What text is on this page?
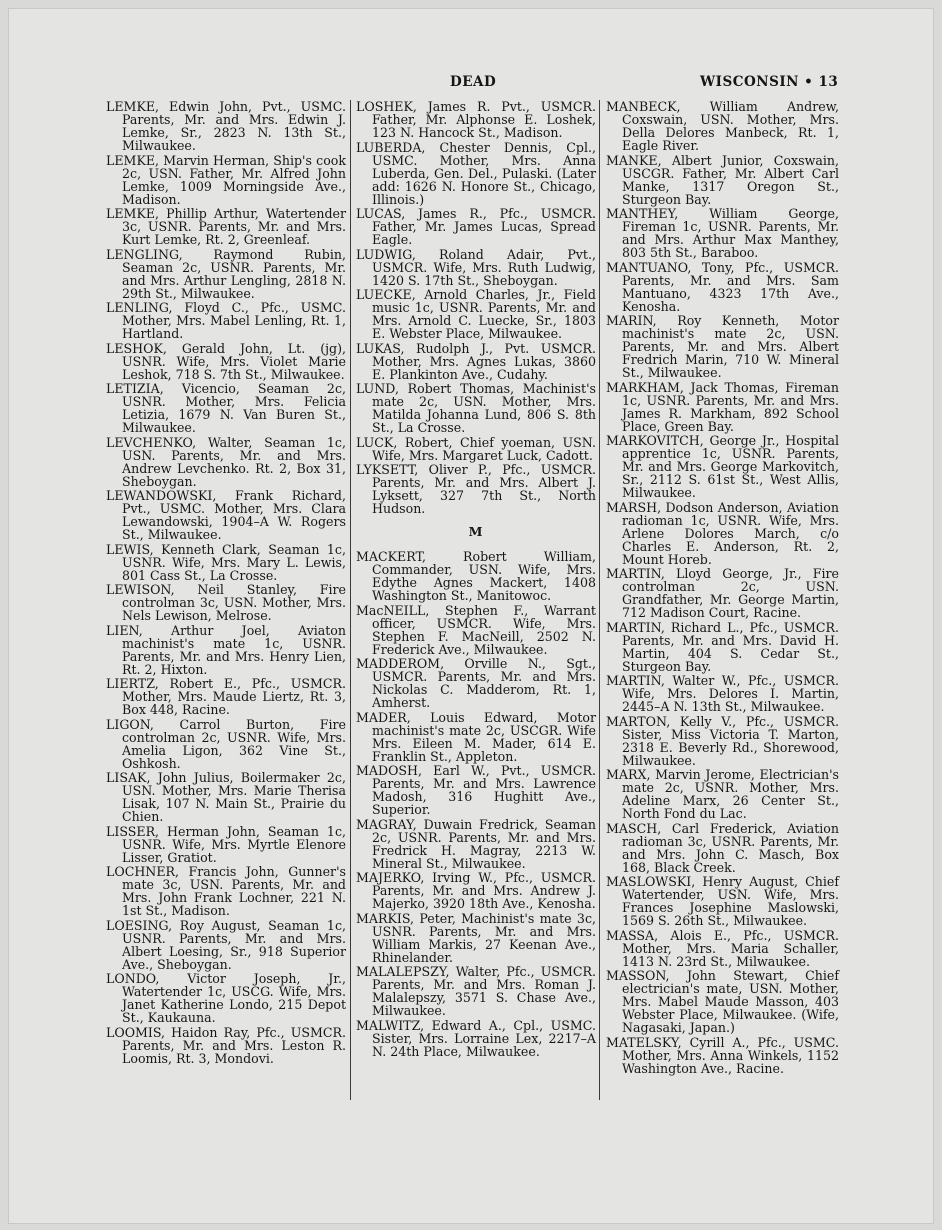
DEAD	WISCONSIN • 13
LEMKE, Edwin John, Pvt., USMC. Parents, Mr. and Mrs. Edwin J. Lemke, Sr., 2823 N. 13th St., Milwaukee.
LEMKE, Marvin Herman, Ship's cook 2c, USN. Father, Mr. Alfred John Lemke, 1009 Morningside Ave., Madison.
LEMKE, Phillip Arthur, Watertender 3c, USNR. Parents, Mr. and Mrs. Kurt Lemke, Rt. 2, Greenleaf.
LENGLING, Raymond Rubin, Seaman 2c, USNR. Parents, Mr. and Mrs. Arthur Lengling, 2818 N. 29th St., Milwaukee.
LENLING, Floyd C., Pfc., USMC. Mother, Mrs. Mabel Lenling, Rt. 1, Hartland.
LESHOK, Gerald John, Lt. (jg), USNR. Wife, Mrs. Violet Marie Leshok, 718 S. 7th St., Milwaukee.
LETIZIA, Vicencio, Seaman 2c, USNR. Mother, Mrs. Felicia Letizia, 1679 N. Van Buren St., Milwaukee.
LEVCHENKO, Walter, Seaman 1c, USN. Parents, Mr. and Mrs. Andrew Levchenko. Rt. 2, Box 31, Sheboygan.
LEWANDOWSKI, Frank Richard, Pvt., USMC. Mother, Mrs. Clara Lewandowski, 1904–A W. Rogers St., Milwaukee.
LEWIS, Kenneth Clark, Seaman 1c, USNR. Wife, Mrs. Mary L. Lewis, 801 Cass St., La Crosse.
LEWISON, Neil Stanley, Fire controlman 3c, USN. Mother, Mrs. Nels Lewison, Melrose.
LIEN, Arthur Joel, Aviaton machinist's mate 1c, USNR. Parents, Mr. and Mrs. Henry Lien, Rt. 2, Hixton.
LIERTZ, Robert E., Pfc., USMCR. Mother, Mrs. Maude Liertz, Rt. 3, Box 448, Racine.
LIGON, Carrol Burton, Fire controlman 2c, USNR. Wife, Mrs. Amelia Ligon, 362 Vine St., Oshkosh.
LISAK, John Julius, Boilermaker 2c, USN. Mother, Mrs. Marie Therisa Lisak, 107 N. Main St., Prairie du Chien.
LISSER, Herman John, Seaman 1c, USNR. Wife, Mrs. Myrtle Elenore Lisser, Gratiot.
LOCHNER, Francis John, Gunner's mate 3c, USN. Parents, Mr. and Mrs. John Frank Lochner, 221 N. 1st St., Madison.
LOESING, Roy August, Seaman 1c, USNR. Parents, Mr. and Mrs. Albert Loesing, Sr., 918 Superior Ave., Sheboygan.
LONDO, Victor Joseph, Jr., Watertender 1c, USCG. Wife, Mrs. Janet Katherine Londo, 215 Depot St., Kaukauna.
LOOMIS, Haidon Ray, Pfc., USMCR. Parents, Mr. and Mrs. Leston R. Loomis, Rt. 3, Mondovi.
LOSHEK, James R. Pvt., USMCR. Father, Mr. Alphonse E. Loshek, 123 N. Hancock St., Madison.
LUBERDA, Chester Dennis, Cpl., USMC. Mother, Mrs. Anna Luberda, Gen. Del., Pulaski. (Later add: 1626 N. Honore St., Chicago, Illinois.)
LUCAS, James R., Pfc., USMCR. Father, Mr. James Lucas, Spread Eagle.
LUDWIG, Roland Adair, Pvt., USMCR. Wife, Mrs. Ruth Ludwig, 1420 S. 17th St., Sheboygan.
LUECKE, Arnold Charles, Jr., Field music 1c, USNR. Parents, Mr. and Mrs. Arnold C. Luecke, Sr., 1803 E. Webster Place, Milwaukee.
LUKAS, Rudolph J., Pvt. USMCR. Mother, Mrs. Agnes Lukas, 3860 E. Plankinton Ave., Cudahy.
LUND, Robert Thomas, Machinist's mate 2c, USN. Mother, Mrs. Matilda Johanna Lund, 806 S. 8th St., La Crosse.
LUCK, Robert, Chief yoeman, USN. Wife, Mrs. Margaret Luck, Cadott.
LYKSETT, Oliver P., Pfc., USMCR. Parents, Mr. and Mrs. Albert J. Lyksett, 327 7th St., North Hudson.
M
MACKERT, Robert William, Commander, USN. Wife, Mrs. Edythe Agnes Mackert, 1408 Washington St., Manitowoc.
MacNEILL, Stephen F., Warrant officer, USMCR. Wife, Mrs. Stephen F. MacNeill, 2502 N. Frederick Ave., Milwaukee.
MADDEROM, Orville N., Sgt., USMCR. Parents, Mr. and Mrs. Nickolas C. Madderom, Rt. 1, Amherst.
MADER, Louis Edward, Motor machinist's mate 2c, USCGR. Wife Mrs. Eileen M. Mader, 614 E. Franklin St., Appleton.
MADOSH, Earl W., Pvt., USMCR. Parents, Mr. and Mrs. Lawrence Madosh, 316 Hughitt Ave., Superior.
MAGRAY, Duwain Fredrick, Seaman 2c, USNR. Parents, Mr. and Mrs. Fredrick H. Magray, 2213 W. Mineral St., Milwaukee.
MAJERKO, Irving W., Pfc., USMCR. Parents, Mr. and Mrs. Andrew J. Majerko, 3920 18th Ave., Kenosha.
MARKIS, Peter, Machinist's mate 3c, USNR. Parents, Mr. and Mrs. William Markis, 27 Keenan Ave., Rhinelander.
MALALEPSZY, Walter, Pfc., USMCR. Parents, Mr. and Mrs. Roman J. Malalepszy, 3571 S. Chase Ave., Milwaukee.
MALWITZ, Edward A., Cpl., USMC. Sister, Mrs. Lorraine Lex, 2217–A N. 24th Place, Milwaukee.
MANBECK, William Andrew, Coxswain, USN. Mother, Mrs. Della Delores Manbeck, Rt. 1, Eagle River.
MANKE, Albert Junior, Coxswain, USCGR. Father, Mr. Albert Carl Manke, 1317 Oregon St., Sturgeon Bay.
MANTHEY, William George, Fireman 1c, USNR. Parents, Mr. and Mrs. Arthur Max Manthey, 803 5th St., Baraboo.
MANTUANO, Tony, Pfc., USMCR. Parents, Mr. and Mrs. Sam Mantuano, 4323 17th Ave., Kenosha.
MARIN, Roy Kenneth, Motor machinist's mate 2c, USN. Parents, Mr. and Mrs. Albert Fredrich Marin, 710 W. Mineral St., Milwaukee.
MARKHAM, Jack Thomas, Fireman 1c, USNR. Parents, Mr. and Mrs. James R. Markham, 892 School Place, Green Bay.
MARKOVITCH, George Jr., Hospital apprentice 1c, USNR. Parents, Mr. and Mrs. George Markovitch, Sr., 2112 S. 61st St., West Allis, Milwaukee.
MARSH, Dodson Anderson, Aviation radioman 1c, USNR. Wife, Mrs. Arlene Dolores March, c/o Charles E. Anderson, Rt. 2, Mount Horeb.
MARTIN, Lloyd George, Jr., Fire controlman 2c, USN. Grandfather, Mr. George Martin, 712 Madison Court, Racine.
MARTIN, Richard L., Pfc., USMCR. Parents, Mr. and Mrs. David H. Martin, 404 S. Cedar St., Sturgeon Bay.
MARTIN, Walter W., Pfc., USMCR. Wife, Mrs. Delores I. Martin, 2445–A N. 13th St., Milwaukee.
MARTON, Kelly V., Pfc., USMCR. Sister, Miss Victoria T. Marton, 2318 E. Beverly Rd., Shorewood, Milwaukee.
MARX, Marvin Jerome, Electrician's mate 2c, USNR. Mother, Mrs. Adeline Marx, 26 Center St., North Fond du Lac.
MASCH, Carl Frederick, Aviation radioman 3c, USNR. Parents, Mr. and Mrs. John C. Masch, Box 168, Black Creek.
MASLOWSKI, Henry August, Chief Watertender, USN. Wife, Mrs. Frances Josephine Maslowski, 1569 S. 26th St., Milwaukee.
MASSA, Alois E., Pfc., USMCR. Mother, Mrs. Maria Schaller, 1413 N. 23rd St., Milwaukee.
MASSON, John Stewart, Chief electrician's mate, USN. Mother, Mrs. Mabel Maude Masson, 403 Webster Place, Milwaukee. (Wife, Nagasaki, Japan.)
MATELSKY, Cyrill A., Pfc., USMC. Mother, Mrs. Anna Winkels, 1152 Washington Ave., Racine.
